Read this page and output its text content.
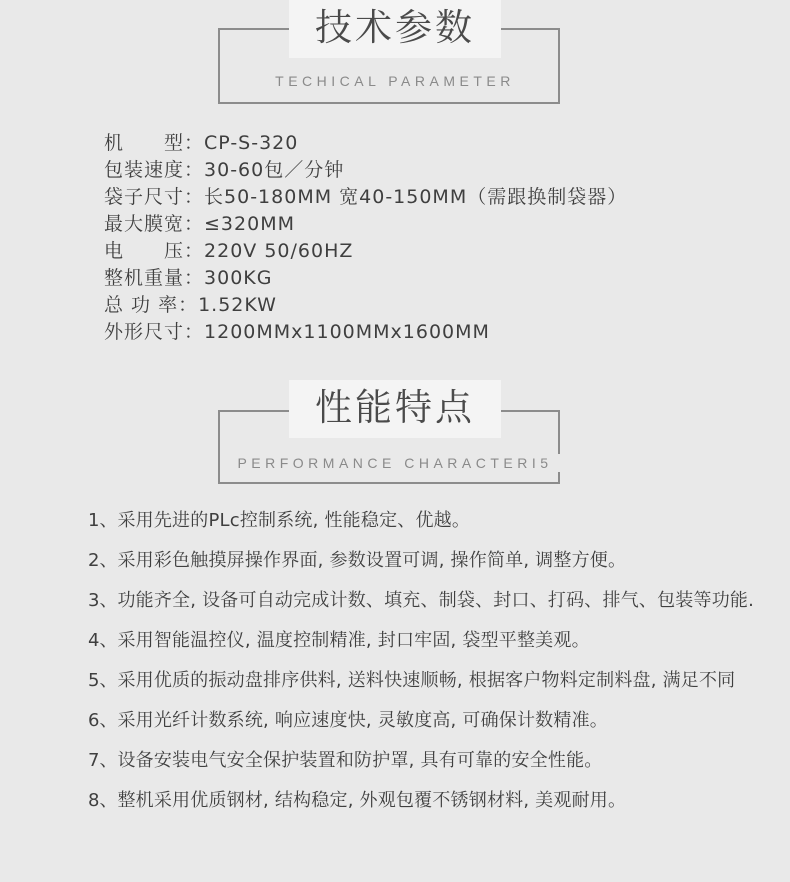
技术参数
TECHICAL PARAMETER
机　　型：CP-S-320
包装速度：30-60包／分钟
袋子尺寸：长50-180MM 宽40-150MM（需跟换制袋器）
最大膜宽：≤320MM
电　　压：220V 50/60HZ
整机重量：300KG
总 功 率：1.52KW
外形尺寸：1200MMx1100MMx1600MM
性能特点
PERFORMANCE CHARACTERI5
1、 采用先进的PLc控制系统, 性能稳定、优越。
2、 采用彩色触摸屏操作界面, 参数设置可调, 操作简单, 调整方便。
3、 功能齐全, 设备可自动完成计数、填充、制袋、封口、打码、排气、包装等功能.
4、 采用智能温控仪, 温度控制精准, 封口牢固, 袋型平整美观。
5、 采用优质的振动盘排序供料, 送料快速顺畅, 根据客户物料定制料盘, 满足不同
6、 采用光纤计数系统, 响应速度快, 灵敏度高, 可确保计数精准。
7、 设备安装电气安全保护装置和防护罩, 具有可靠的安全性能。
8、 整机采用优质钢材, 结构稳定, 外观包覆不锈钢材料, 美观耐用。
